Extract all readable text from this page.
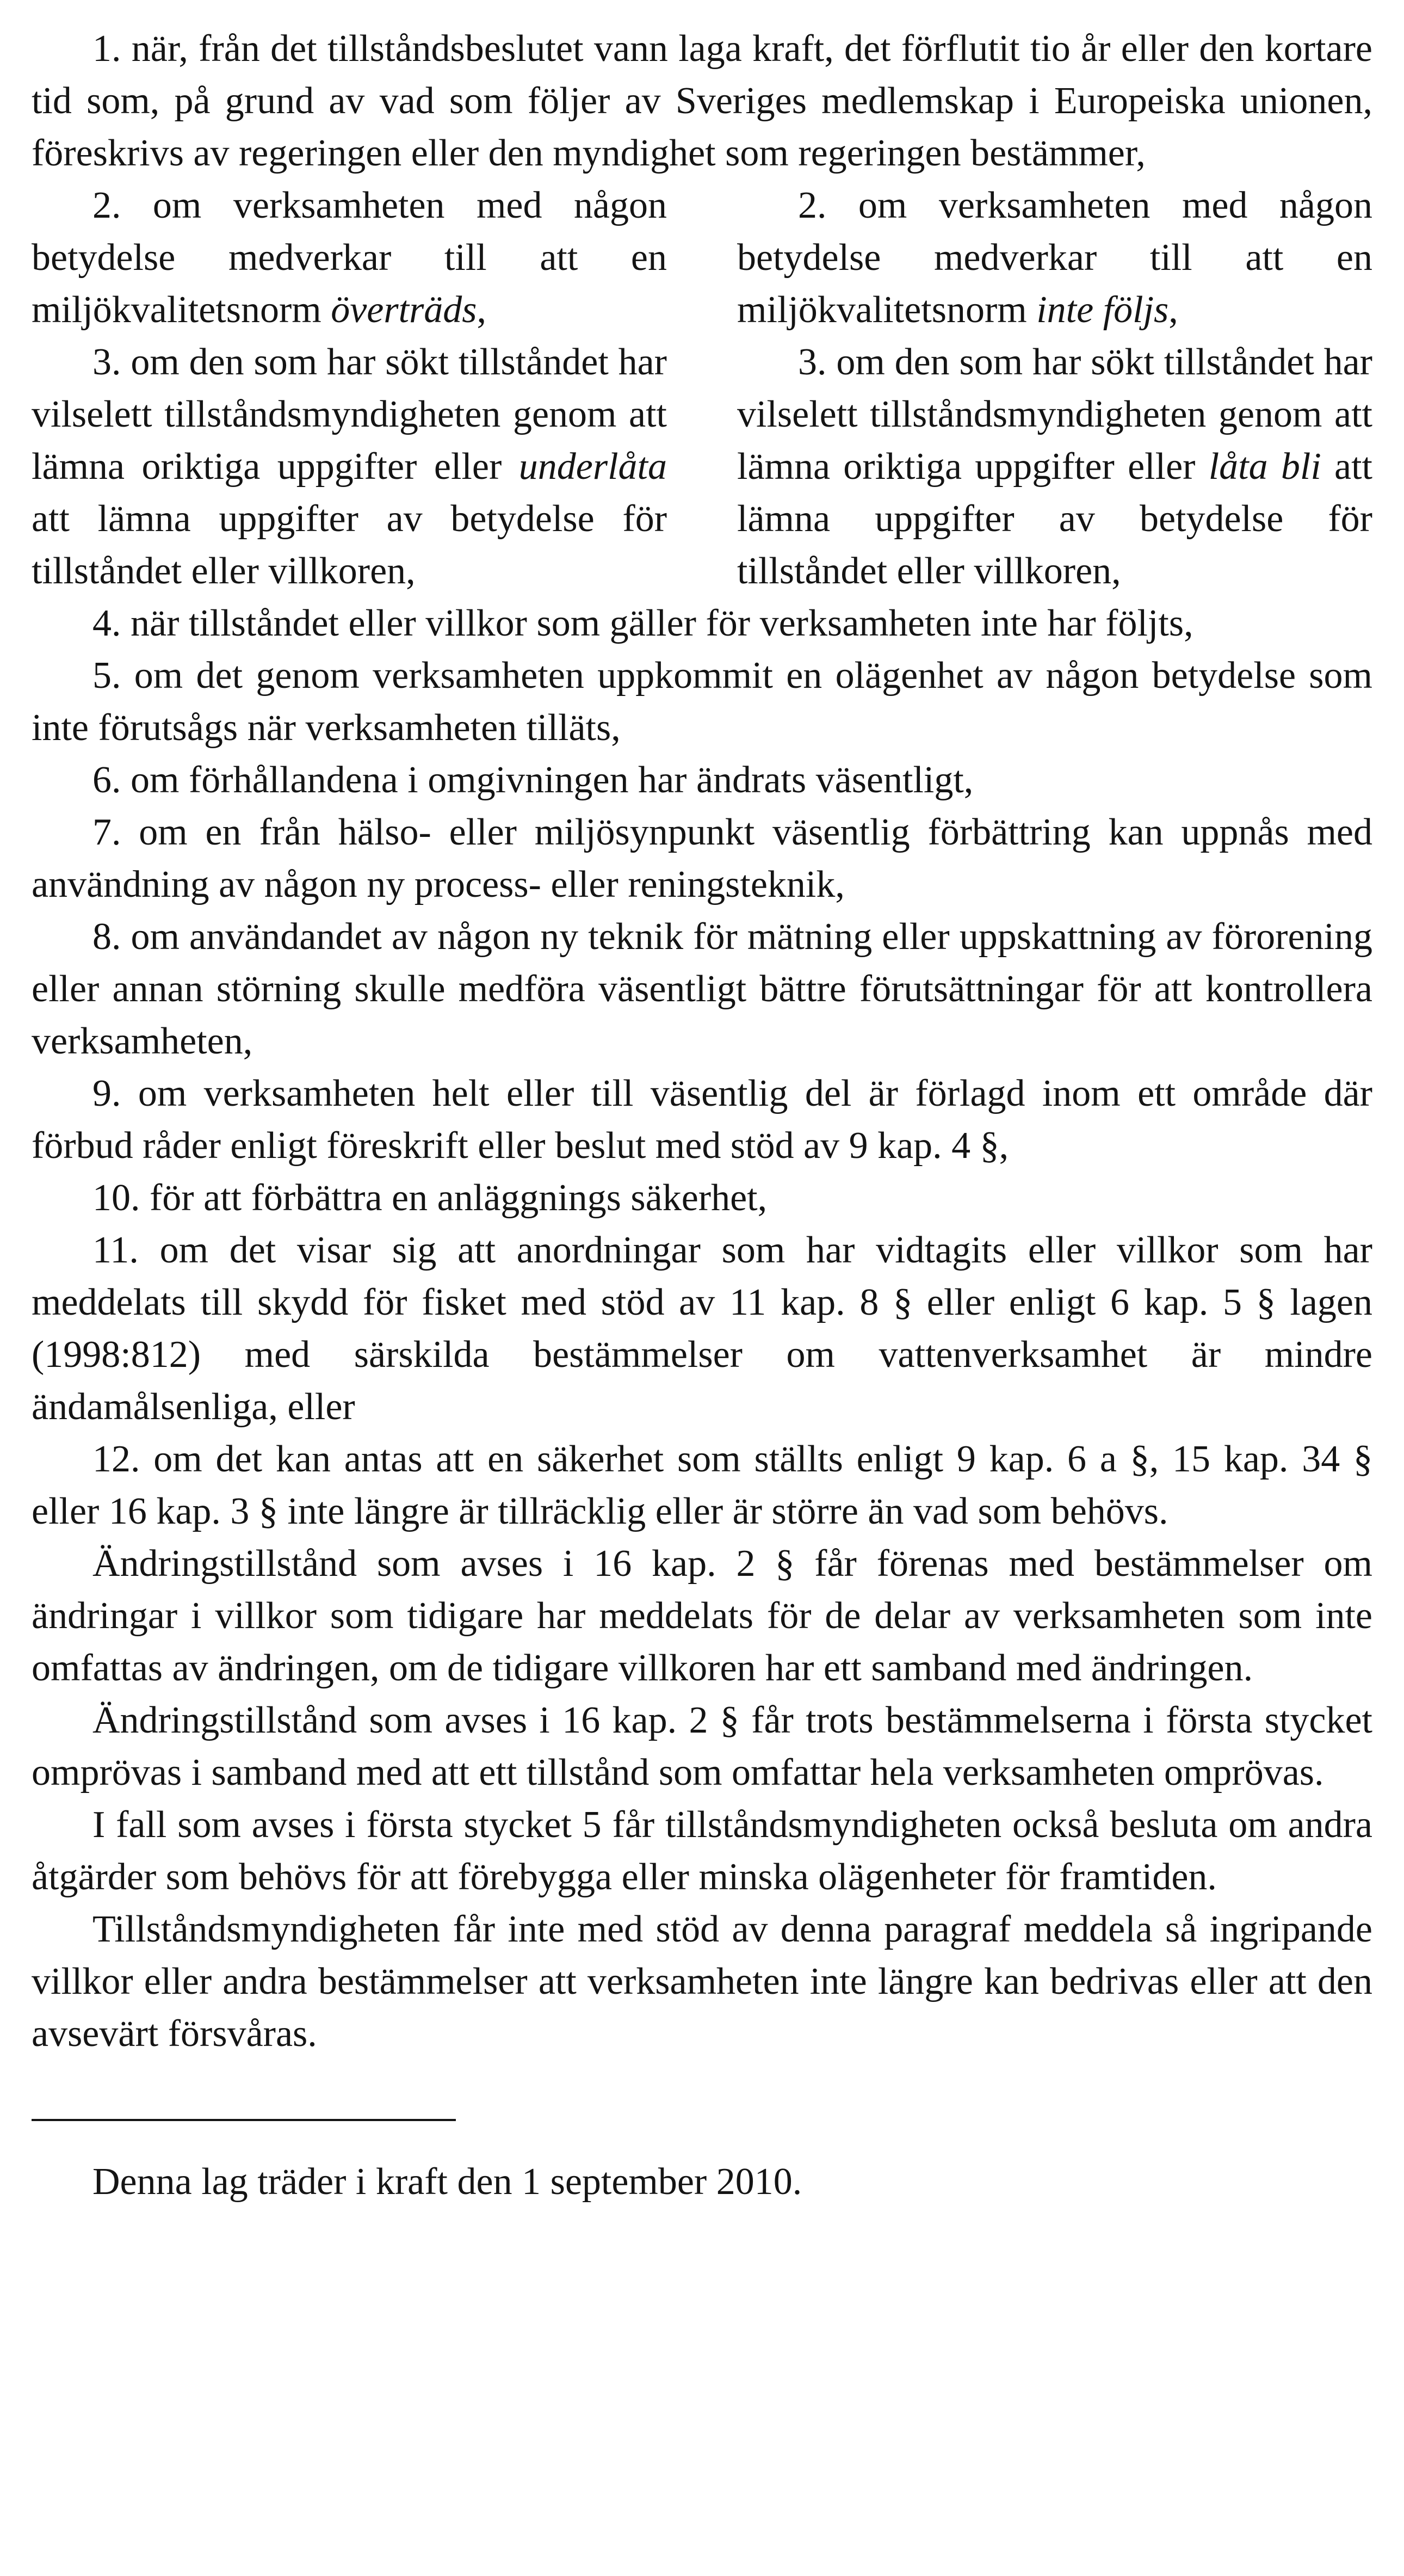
1. när, från det tillståndsbeslutet vann laga kraft, det förflutit tio år eller den kortare tid som, på grund av vad som följer av Sveriges medlemskap i Europeiska unionen, föreskrivs av regeringen eller den myndighet som regeringen bestämmer,

2. om verksamheten med någon betydelse medverkar till att en miljökvalitetsnorm överträds,

3. om den som har sökt tillståndet har vilselett tillståndsmyndigheten genom att lämna oriktiga uppgifter eller underlåta att lämna uppgifter av betydelse för tillståndet eller villkoren,

2. om verksamheten med någon betydelse medverkar till att en miljökvalitetsnorm inte följs,

3. om den som har sökt tillståndet har vilselett tillståndsmyndigheten genom att lämna oriktiga uppgifter eller låta bli att lämna uppgifter av betydelse för tillståndet eller villkoren,

4. när tillståndet eller villkor som gäller för verksamheten inte har följts,

5. om det genom verksamheten uppkommit en olägenhet av någon betydelse som inte förutsågs när verksamheten tilläts,

6. om förhållandena i omgivningen har ändrats väsentligt,

7. om en från hälso- eller miljösynpunkt väsentlig förbättring kan uppnås med användning av någon ny process- eller reningsteknik,

8. om användandet av någon ny teknik för mätning eller uppskattning av förorening eller annan störning skulle medföra väsentligt bättre förutsättningar för att kontrollera verksamheten,

9. om verksamheten helt eller till väsentlig del är förlagd inom ett område där förbud råder enligt föreskrift eller beslut med stöd av 9 kap. 4 §,

10. för att förbättra en anläggnings säkerhet,

11. om det visar sig att anordningar som har vidtagits eller villkor som har meddelats till skydd för fisket med stöd av 11 kap. 8 § eller enligt 6 kap. 5 § lagen (1998:812) med särskilda bestämmelser om vattenverksamhet är mindre ändamålsenliga, eller

12. om det kan antas att en säkerhet som ställts enligt 9 kap. 6 a §, 15 kap. 34 § eller 16 kap. 3 § inte längre är tillräcklig eller är större än vad som behövs.

Ändringstillstånd som avses i 16 kap. 2 § får förenas med bestämmelser om ändringar i villkor som tidigare har meddelats för de delar av verksamheten som inte omfattas av ändringen, om de tidigare villkoren har ett samband med ändringen.

Ändringstillstånd som avses i 16 kap. 2 § får trots bestämmelserna i första stycket omprövas i samband med att ett tillstånd som omfattar hela verksamheten omprövas.

I fall som avses i första stycket 5 får tillståndsmyndigheten också besluta om andra åtgärder som behövs för att förebygga eller minska olägenheter för framtiden.

Tillståndsmyndigheten får inte med stöd av denna paragraf meddela så ingripande villkor eller andra bestämmelser att verksamheten inte längre kan bedrivas eller att den avsevärt försvåras.

Denna lag träder i kraft den 1 september 2010.
